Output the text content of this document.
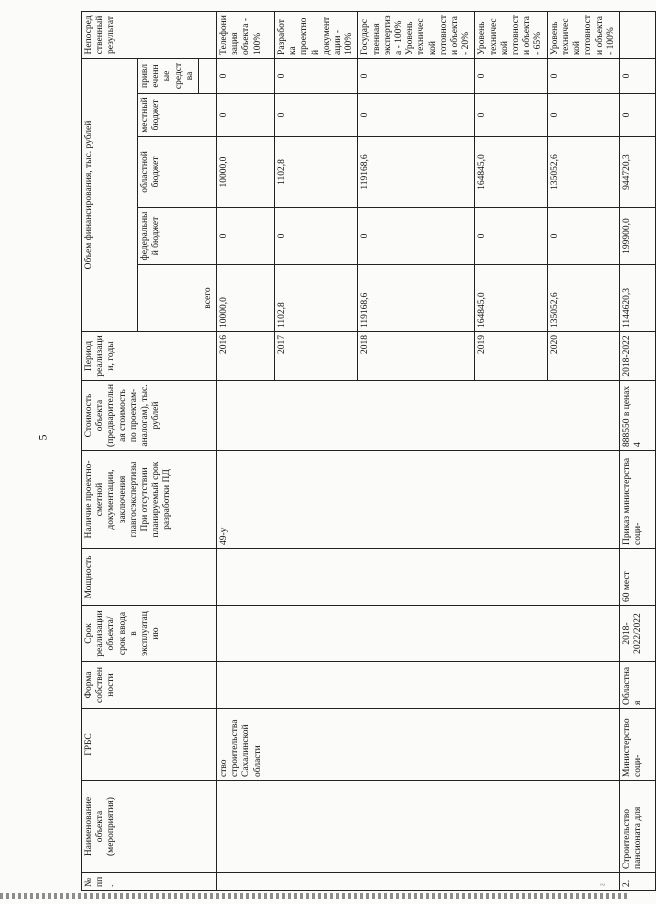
5
№ пп.	Наименование объекта (мероприятия)	ГРБС	Форма собственности	Срок реализации объекта/срок ввода в эксплуатацию	Мощность	Наличие проектно-сметной документации, заключения главгосэкспертизы При отсутствии планируемый срок разработки ПД	Стоимость объекта (предварительная стоимость по проектам-аналогам), тыс. рублей	Период реализации, годы	Объем финансирования, тыс. рублей					Непосредственный результат
									всего	федеральный бюджет	областной бюджет	местный бюджет	привлеченные средства	

		ство строительства Сахалинской области				49-у		2016	10000,0	0	10000,0	0	0	Телефонизация объекта - 100%
								2017	1102,8	0	1102,8	0	0	Разработка проектной документации - 100%
								2018	119168,6	0	119168,6	0	0	Государственная экспертиза - 100% Уровень технической готовности объекта - 20%
								2019	164845,0	0	164845,0	0	0	Уровень технической готовности объекта - 65%
								2020	135052,6	0	135052,6	0	0	Уровень технической готовности объекта - 100%
2.	Строительство пансионата для	Министерство соци-	Областная	2018-2022/2022	60 мест	Приказ министерства соци-	888550 в ценах 4	2018-2022	1144620,3	199900,0	944720,3	0	0	
~
